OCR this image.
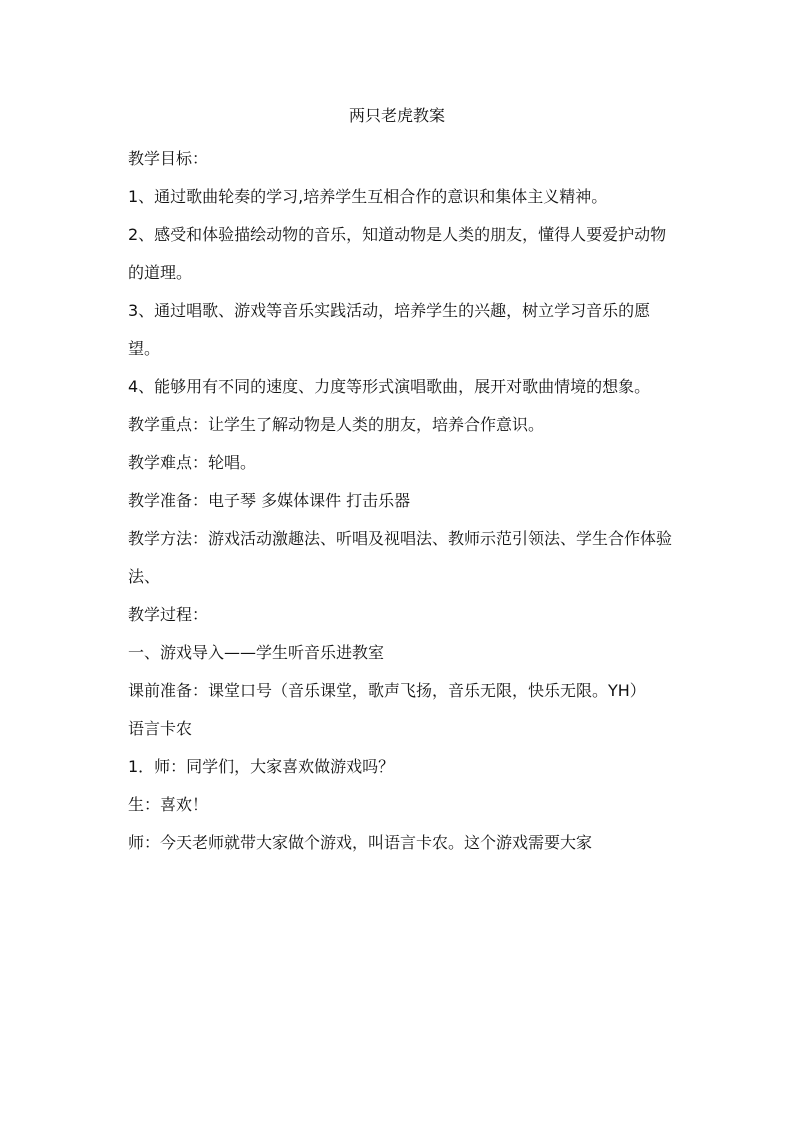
两只老虎教案

教学目标：

1、通过歌曲轮奏的学习,培养学生互相合作的意识和集体主义精神。

2、感受和体验描绘动物的音乐，知道动物是人类的朋友，懂得人要爱护动物的道理。

3、通过唱歌、游戏等音乐实践活动，培养学生的兴趣，树立学习音乐的愿望。

4、能够用有不同的速度、力度等形式演唱歌曲，展开对歌曲情境的想象。

教学重点：让学生了解动物是人类的朋友，培养合作意识。

教学难点：轮唱。

教学准备：电子琴 多媒体课件 打击乐器

教学方法：游戏活动激趣法、听唱及视唱法、教师示范引领法、学生合作体验法、

教学过程：

一、游戏导入——学生听音乐进教室

课前准备：课堂口号（音乐课堂，歌声飞扬，音乐无限，快乐无限。YH）

语言卡农

1．师：同学们，大家喜欢做游戏吗？

生：喜欢！

师：今天老师就带大家做个游戏，叫语言卡农。这个游戏需要大家
